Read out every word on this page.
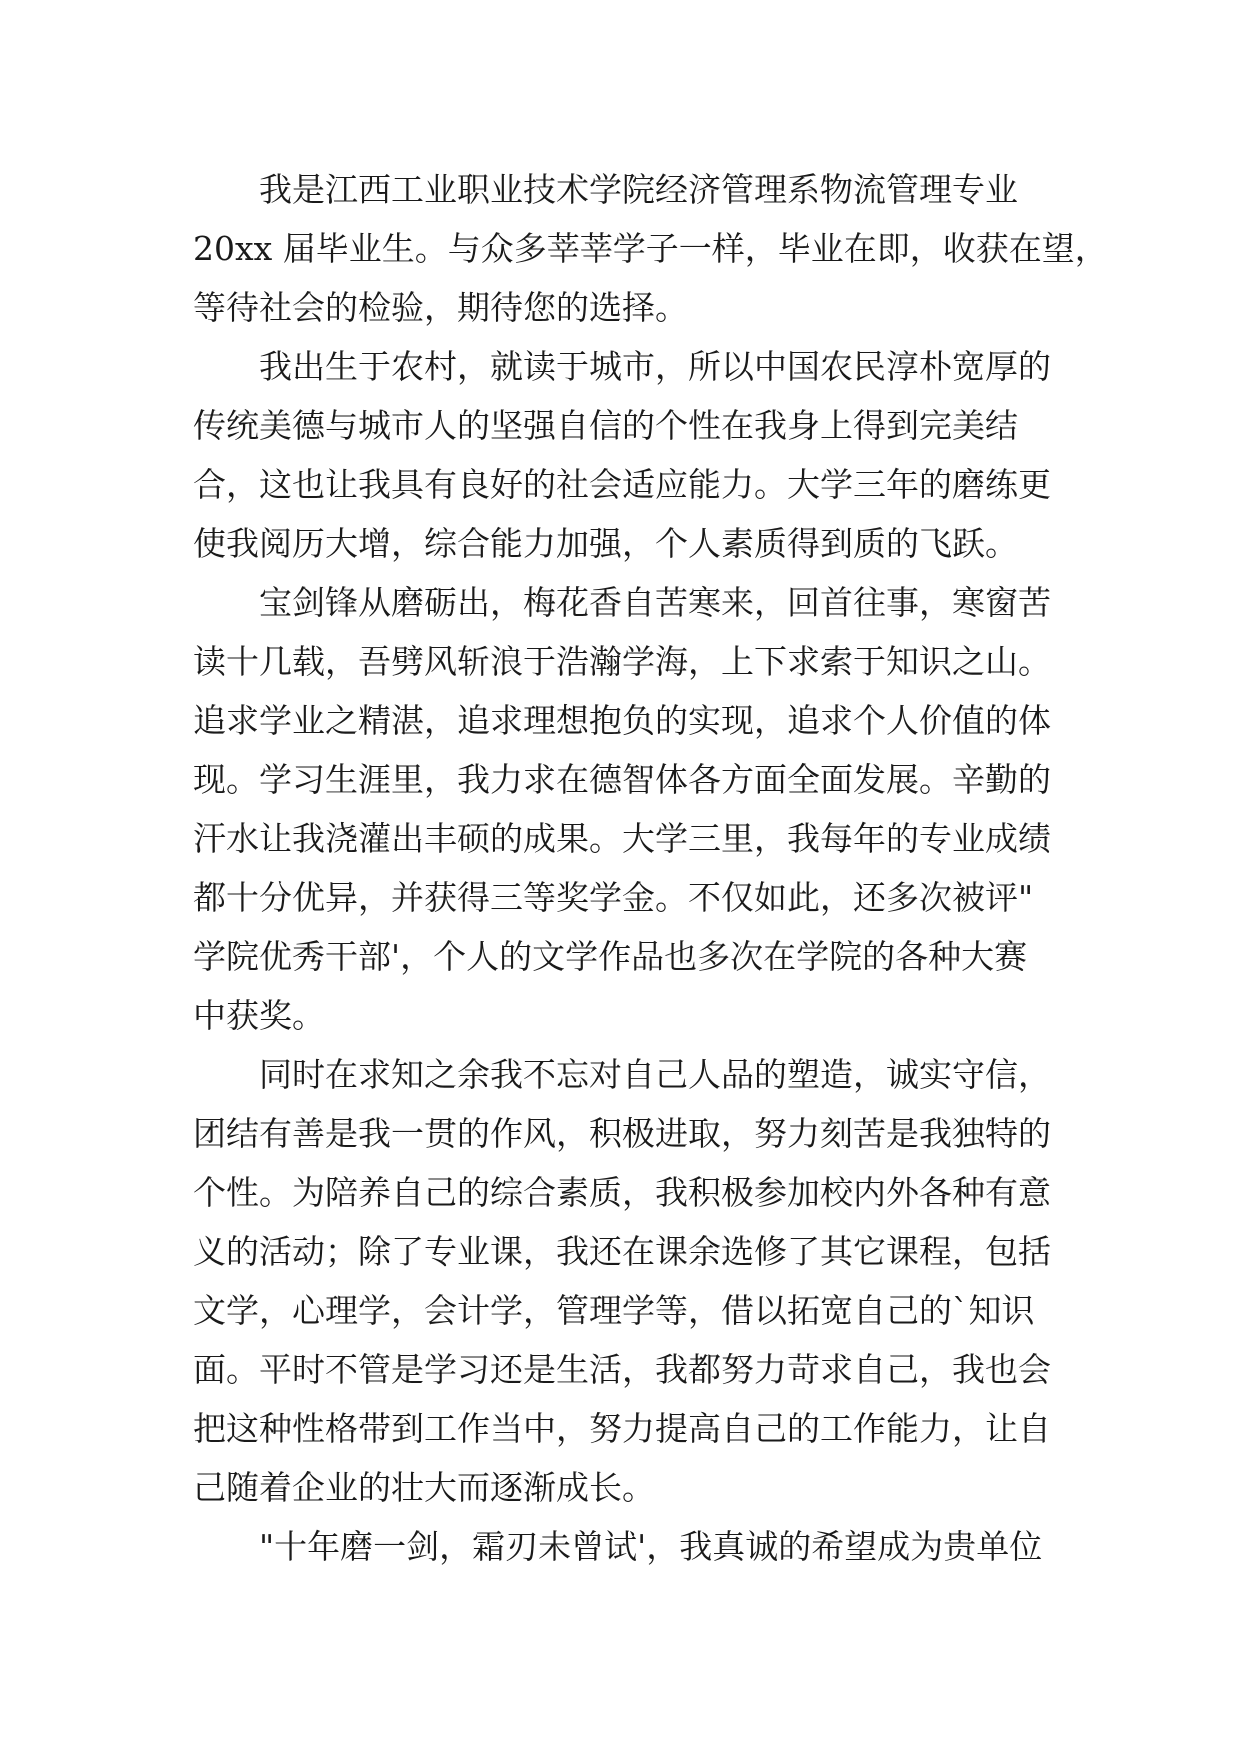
我是江西工业职业技术学院经济管理系物流管理专业
20xx 届毕业生。与众多莘莘学子一样，毕业在即，收获在望，
等待社会的检验，期待您的选择。
我出生于农村，就读于城市，所以中国农民淳朴宽厚的
传统美德与城市人的坚强自信的个性在我身上得到完美结
合，这也让我具有良好的社会适应能力。大学三年的磨练更
使我阅历大增，综合能力加强，个人素质得到质的飞跃。
宝剑锋从磨砺出，梅花香自苦寒来，回首往事，寒窗苦
读十几载，吾劈风斩浪于浩瀚学海，上下求索于知识之山。
追求学业之精湛，追求理想抱负的实现，追求个人价值的体
现。学习生涯里，我力求在德智体各方面全面发展。辛勤的
汗水让我浇灌出丰硕的成果。大学三里，我每年的专业成绩
都十分优异，并获得三等奖学金。不仅如此，还多次被评"
学院优秀干部'，个人的文学作品也多次在学院的各种大赛
中获奖。
同时在求知之余我不忘对自己人品的塑造，诚实守信，
团结有善是我一贯的作风，积极进取，努力刻苦是我独特的
个性。为陪养自己的综合素质，我积极参加校内外各种有意
义的活动；除了专业课，我还在课余选修了其它课程，包括
文学，心理学，会计学，管理学等，借以拓宽自己的`知识
面。平时不管是学习还是生活，我都努力苛求自己，我也会
把这种性格带到工作当中，努力提高自己的工作能力，让自
己随着企业的壮大而逐渐成长。
"十年磨一剑，霜刃未曾试'，我真诚的希望成为贵单位
